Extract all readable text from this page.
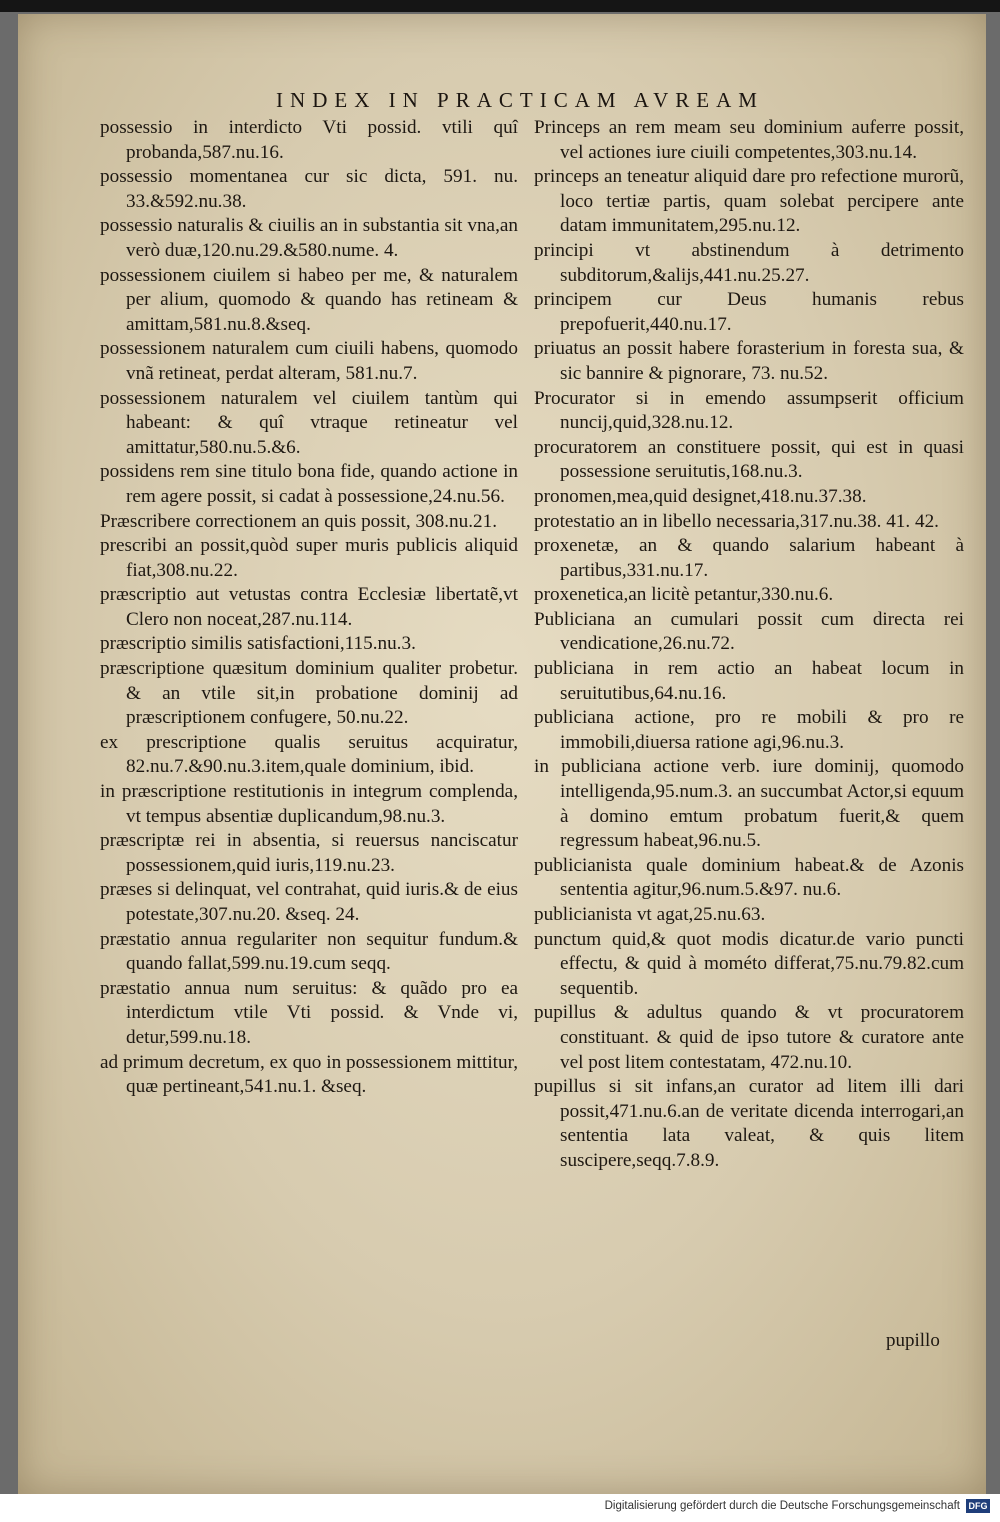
INDEX IN PRACTICAM AVREAM

possessio in interdicto Vti possid. vtili quî probanda,587.nu.16.

possessio momentanea cur sic dicta, 591. nu. 33.&592.nu.38.

possessio naturalis & ciuilis an in substantia sit vna,an verò duæ,120.nu.29.&580.nume. 4.

possessionem ciuilem si habeo per me, & naturalem per alium, quomodo & quando has retineam & amittam,581.nu.8.&seq.

possessionem naturalem cum ciuili habens, quomodo vnã retineat, perdat alteram, 581.nu.7.

possessionem naturalem vel ciuilem tantùm qui habeant: & quî vtraque retineatur vel amittatur,580.nu.5.&6.

possidens rem sine titulo bona fide, quando actione in rem agere possit, si cadat à possessione,24.nu.56.

Præscribere correctionem an quis possit, 308.nu.21.

prescribi an possit,quòd super muris publicis aliquid fiat,308.nu.22.

præscriptio aut vetustas contra Ecclesiæ libertatẽ,vt Clero non noceat,287.nu.114.

præscriptio similis satisfactioni,115.nu.3.

præscriptione quæsitum dominium qualiter probetur. & an vtile sit,in probatione dominij ad præscriptionem confugere, 50.nu.22.

ex prescriptione qualis seruitus acquiratur, 82.nu.7.&90.nu.3.item,quale dominium, ibid.

in præscriptione restitutionis in integrum complenda, vt tempus absentiæ duplicandum,98.nu.3.

præscriptæ rei in absentia, si reuersus nanciscatur possessionem,quid iuris,119.nu.23.

præses si delinquat, vel contrahat, quid iuris.& de eius potestate,307.nu.20. &seq. 24.

præstatio annua regulariter non sequitur fundum.& quando fallat,599.nu.19.cum seqq.

præstatio annua num seruitus: & quãdo pro ea interdictum vtile Vti possid. & Vnde vi, detur,599.nu.18.

ad primum decretum, ex quo in possessionem mittitur, quæ pertineant,541.nu.1. &seq.

Princeps an rem meam seu dominium auferre possit, vel actiones iure ciuili competentes,303.nu.14.

princeps an teneatur aliquid dare pro refectione murorũ, loco tertiæ partis, quam solebat percipere ante datam immunitatem,295.nu.12.

principi vt abstinendum à detrimento subditorum,&alijs,441.nu.25.27.

principem cur Deus humanis rebus prepofuerit,440.nu.17.

priuatus an possit habere forasterium in foresta sua, & sic bannire & pignorare, 73. nu.52.

Procurator si in emendo assumpserit officium nuncij,quid,328.nu.12.

procuratorem an constituere possit, qui est in quasi possessione seruitutis,168.nu.3.

pronomen,mea,quid designet,418.nu.37.38.

protestatio an in libello necessaria,317.nu.38. 41. 42.

proxenetæ, an & quando salarium habeant à partibus,331.nu.17.

proxenetica,an licitè petantur,330.nu.6.

Publiciana an cumulari possit cum directa rei vendicatione,26.nu.72.

publiciana in rem actio an habeat locum in seruitutibus,64.nu.16.

publiciana actione, pro re mobili & pro re immobili,diuersa ratione agi,96.nu.3.

in publiciana actione verb. iure dominij, quomodo intelligenda,95.num.3. an succumbat Actor,si equum à domino emtum probatum fuerit,& quem regressum habeat,96.nu.5.

publicianista quale dominium habeat.& de Azonis sententia agitur,96.num.5.&97. nu.6.

publicianista vt agat,25.nu.63.

punctum quid,& quot modis dicatur.de vario puncti effectu, & quid à mométo differat,75.nu.79.82.cum sequentib.

pupillus & adultus quando & vt procuratorem constituant. & quid de ipso tutore & curatore ante vel post litem contestatam, 472.nu.10.

pupillus si sit infans,an curator ad litem illi dari possit,471.nu.6.an de veritate dicenda interrogari,an sententia lata valeat, & quis litem suscipere,seqq.7.8.9.

pupillo
Digitalisierung gefördert durch die Deutsche Forschungsgemeinschaft DFG
